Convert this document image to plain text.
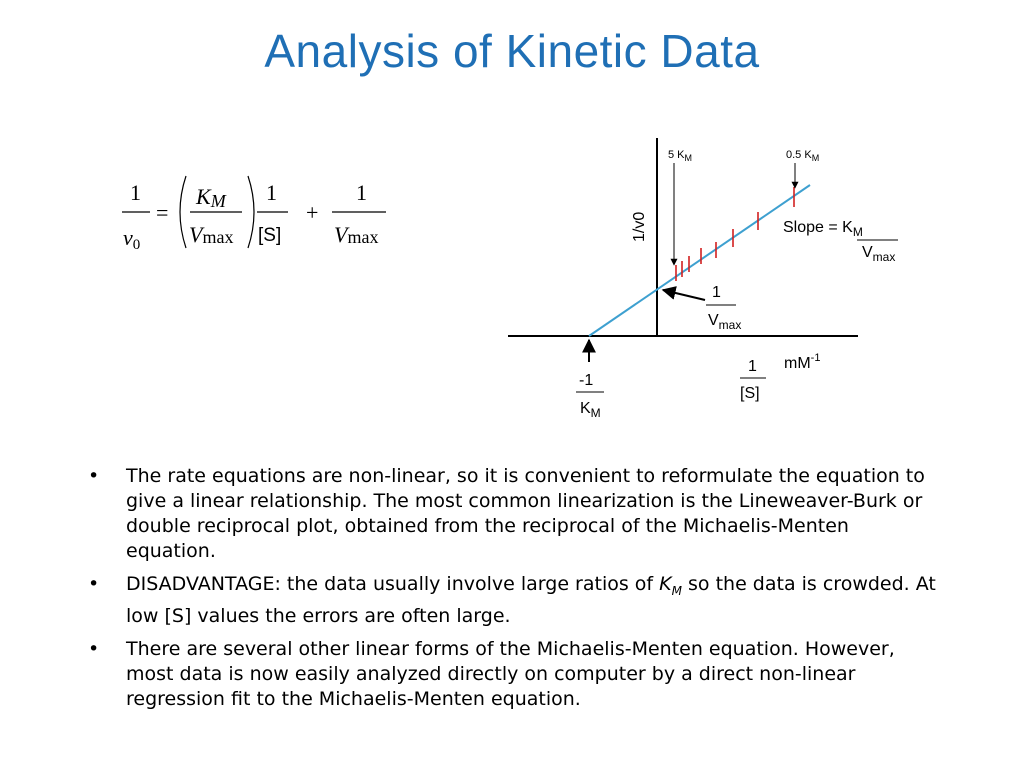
Analysis of Kinetic Data
1
ν0
=
KM
Vmax
1
[S]
+
1
Vmax	1/v0
5 $K_M$	0.5 $K_M$
Slope = $K_M$
$V_{max}$
1
$V_{max}$
1
[S]
$mM^{-1}$
-1
$K_M$
• The rate equations are non-linear, so it is convenient to reformulate the equation to give a linear relationship. The most common linearization is the Lineweaver-Burk or double reciprocal plot, obtained from the reciprocal of the Michaelis-Menten equation.
• DISADVANTAGE: the data usually involve large ratios of $K_M$ so the data is crowded. At low [S] values the errors are often large.
• There are several other linear forms of the Michaelis-Menten equation. However, most data is now easily analyzed directly on computer by a direct non-linear regression fit to the Michaelis-Menten equation.
